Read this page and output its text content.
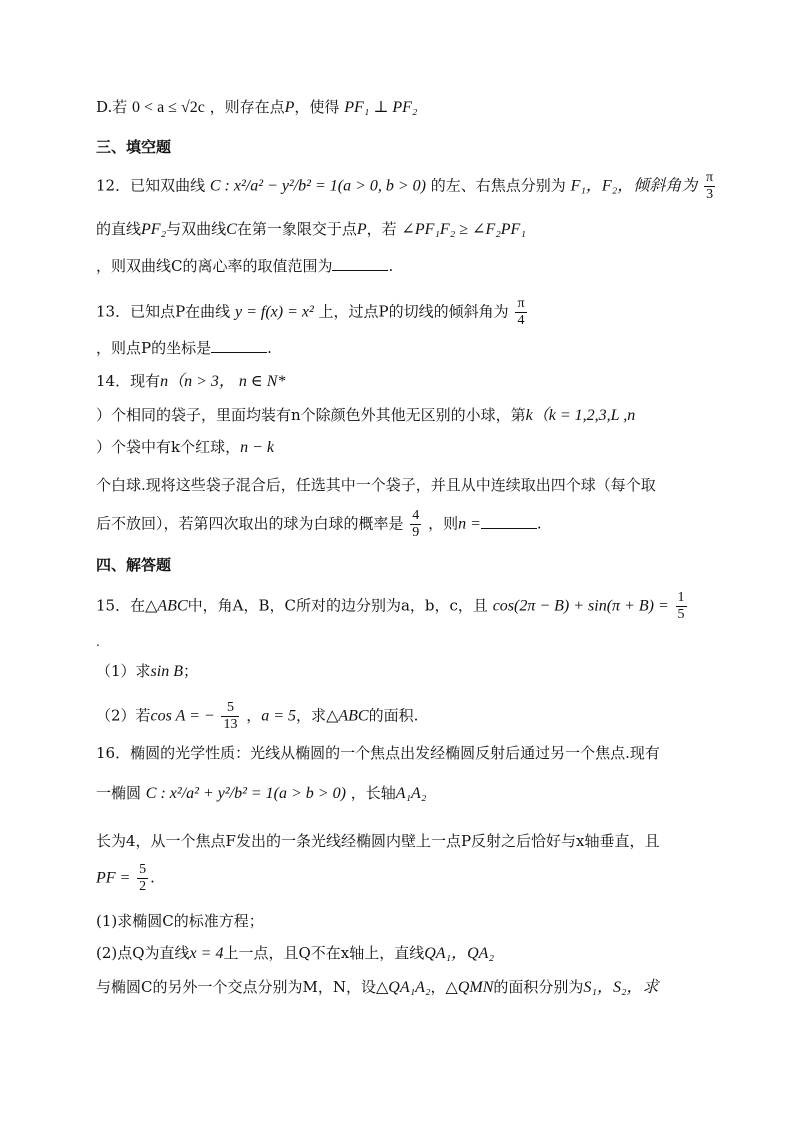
D.若 0 < a ≤ √2c ，则存在点P，使得 PF₁ ⊥ PF₂
三、填空题
12．已知双曲线 C : x²/a² − y²/b² = 1(a > 0, b > 0) 的左、右焦点分别为 F₁，F₂，倾斜角为 $\frac{\pi}{3}$
的直线PF₂与双曲线C在第一象限交于点P，若 ∠PF₁F₂ ≥ ∠F₂PF₁
，则双曲线C的离心率的取值范围为	.
13．已知点P在曲线 y = f(x) = x² 上，过点P的切线的倾斜角为 $\frac{\pi}{4}$
，则点P的坐标是	.
14．现有n（n > 3， n ∈ N*
）个相同的袋子，里面均装有n个除颜色外其他无区别的小球，第k（k = 1,2,3,L ,n
）个袋中有k个红球，n − k
个白球.现将这些袋子混合后，任选其中一个袋子，并且从中连续取出四个球（每个取
后不放回），若第四次取出的球为白球的概率是 $\frac{4}{9}$ ，则n =	.
四、解答题
15．在△ABC中，角A，B，C所对的边分别为a，b，c，且 $\cos(2\pi - B) + \sin(\pi + B) = \frac{1}{5}$
.
（1）求sin B；
（2）若cos A = − $\frac{5}{13}$ ，a = 5，求△ABC的面积.
16．椭圆的光学性质：光线从椭圆的一个焦点出发经椭圆反射后通过另一个焦点.现有
一椭圆 C : x²/a² + y²/b² = 1(a > b > 0) ，长轴A₁A₂
长为4，从一个焦点F发出的一条光线经椭圆内壁上一点P反射之后恰好与x轴垂直，且
PF = $\frac{5}{2}$ .
(1)求椭圆C的标准方程；
(2)点Q为直线x = 4上一点，且Q不在x轴上，直线QA₁，QA₂
与椭圆C的另外一个交点分别为M，N，设△QA₁A₂，△QMN的面积分别为S₁，S₂，求
